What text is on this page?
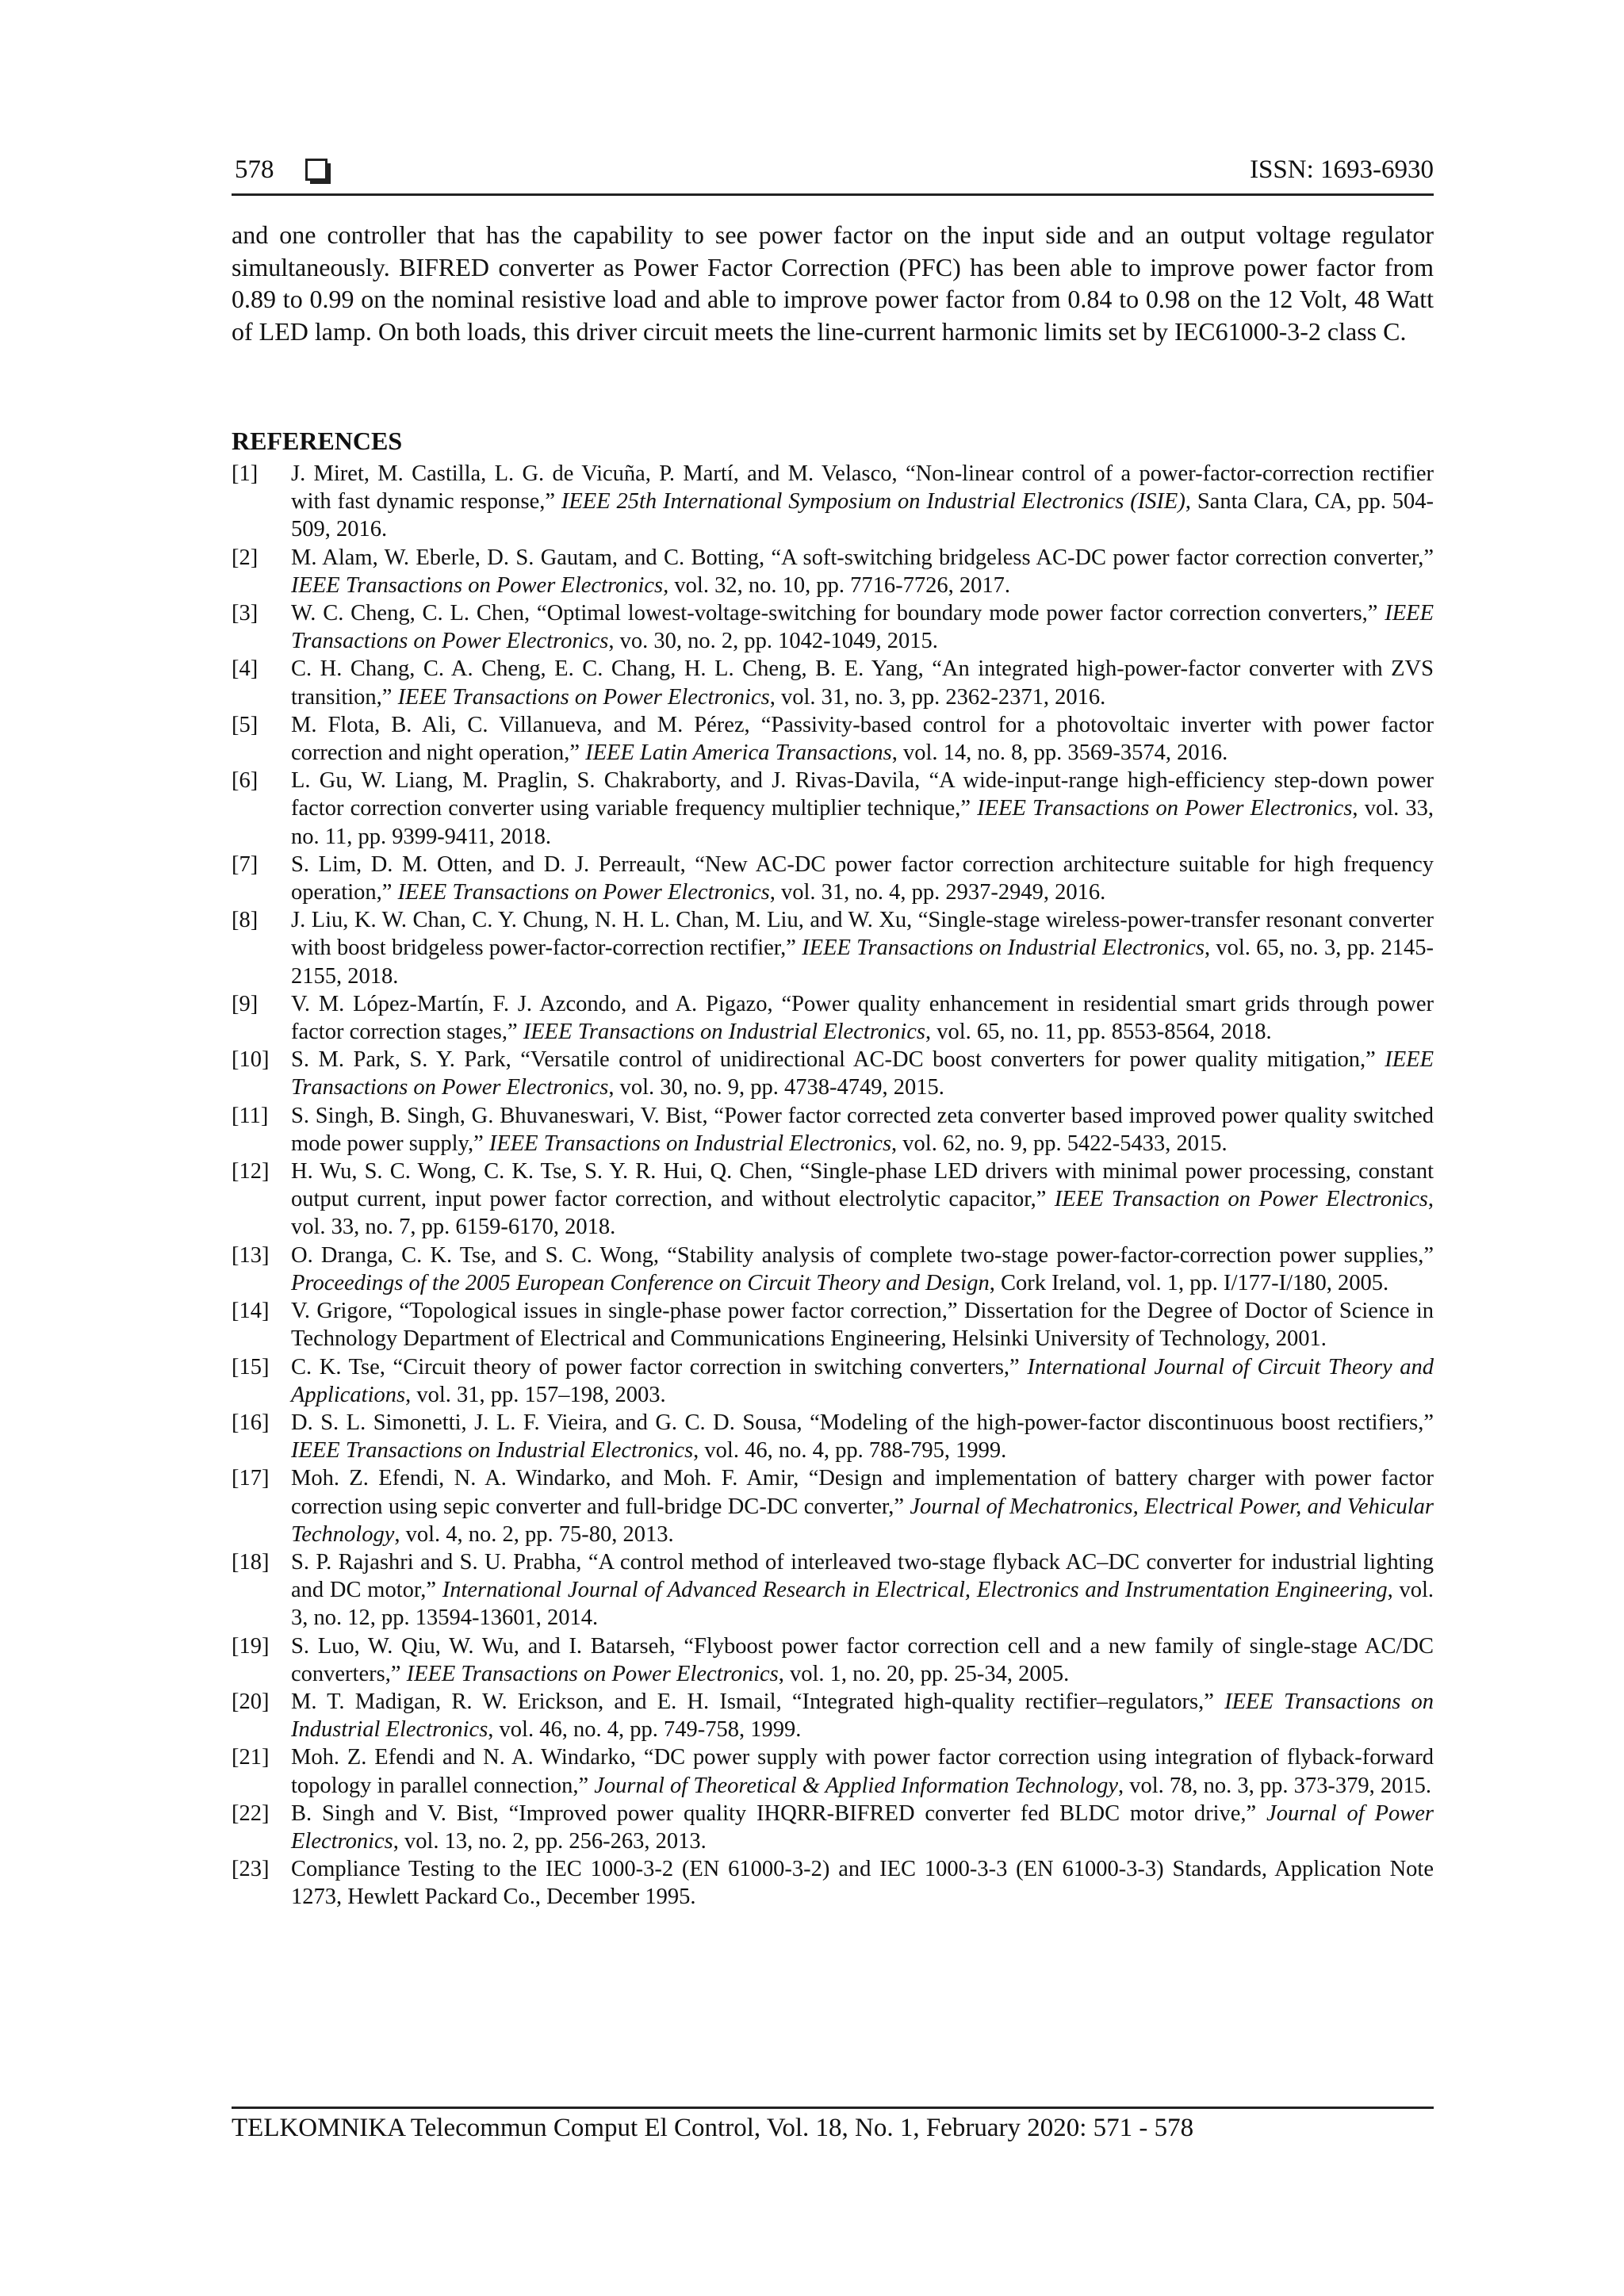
578	ISSN: 1693-6930

and one controller that has the capability to see power factor on the input side and an output voltage regulator simultaneously. BIFRED converter as Power Factor Correction (PFC) has been able to improve power factor from 0.89 to 0.99 on the nominal resistive load and able to improve power factor from 0.84 to 0.98 on the 12 Volt, 48 Watt of LED lamp. On both loads, this driver circuit meets the line-current harmonic limits set by IEC61000-3-2 class C.

REFERENCES
[1]	J. Miret, M. Castilla, L. G. de Vicuña, P. Martí, and M. Velasco, “Non-linear control of a power-factor-correction rectifier with fast dynamic response,” IEEE 25th International Symposium on Industrial Electronics (ISIE), Santa Clara, CA, pp. 504-509, 2016.
[2]	M. Alam, W. Eberle, D. S. Gautam, and C. Botting, “A soft-switching bridgeless AC-DC power factor correction converter,” IEEE Transactions on Power Electronics, vol. 32, no. 10, pp. 7716-7726, 2017.
[3]	W. C. Cheng, C. L. Chen, “Optimal lowest-voltage-switching for boundary mode power factor correction converters,” IEEE Transactions on Power Electronics, vo. 30, no. 2, pp. 1042-1049, 2015.
[4]	C. H. Chang, C. A. Cheng, E. C. Chang, H. L. Cheng, B. E. Yang, “An integrated high-power-factor converter with ZVS transition,” IEEE Transactions on Power Electronics, vol. 31, no. 3, pp. 2362-2371, 2016.
[5]	M. Flota, B. Ali, C. Villanueva, and M. Pérez, “Passivity-based control for a photovoltaic inverter with power factor correction and night operation,” IEEE Latin America Transactions, vol. 14, no. 8, pp. 3569-3574, 2016.
[6]	L. Gu, W. Liang, M. Praglin, S. Chakraborty, and J. Rivas-Davila, “A wide-input-range high-efficiency step-down power factor correction converter using variable frequency multiplier technique,” IEEE Transactions on Power Electronics, vol. 33, no. 11, pp. 9399-9411, 2018.
[7]	S. Lim, D. M. Otten, and D. J. Perreault, “New AC-DC power factor correction architecture suitable for high frequency operation,” IEEE Transactions on Power Electronics, vol. 31, no. 4, pp. 2937-2949, 2016.
[8]	J. Liu, K. W. Chan, C. Y. Chung, N. H. L. Chan, M. Liu, and W. Xu, “Single-stage wireless-power-transfer resonant converter with boost bridgeless power-factor-correction rectifier,” IEEE Transactions on Industrial Electronics, vol. 65, no. 3, pp. 2145-2155, 2018.
[9]	V. M. López-Martín, F. J. Azcondo, and A. Pigazo, “Power quality enhancement in residential smart grids through power factor correction stages,” IEEE Transactions on Industrial Electronics, vol. 65, no. 11, pp. 8553-8564, 2018.
[10] S. M. Park, S. Y. Park, “Versatile control of unidirectional AC-DC boost converters for power quality mitigation,” IEEE Transactions on Power Electronics, vol. 30, no. 9, pp. 4738-4749, 2015.
[11]	S. Singh, B. Singh, G. Bhuvaneswari, V. Bist, “Power factor corrected zeta converter based improved power quality switched mode power supply,” IEEE Transactions on Industrial Electronics, vol. 62, no. 9, pp. 5422-5433, 2015.
[12] H. Wu, S. C. Wong, C. K. Tse, S. Y. R. Hui, Q. Chen, “Single-phase LED drivers with minimal power processing, constant output current, input power factor correction, and without electrolytic capacitor,” IEEE Transaction on Power Electronics, vol. 33, no. 7, pp. 6159-6170, 2018.
[13] O. Dranga, C. K. Tse, and S. C. Wong, “Stability analysis of complete two-stage power-factor-correction power supplies,” Proceedings of the 2005 European Conference on Circuit Theory and Design, Cork Ireland, vol. 1, pp. I/177-I/180, 2005.
[14] V. Grigore, “Topological issues in single-phase power factor correction,” Dissertation for the Degree of Doctor of Science in Technology Department of Electrical and Communications Engineering, Helsinki University of Technology, 2001.
[15] C. K. Tse, “Circuit theory of power factor correction in switching converters,” International Journal of Circuit Theory and Applications, vol. 31, pp. 157–198, 2003.
[16] D. S. L. Simonetti, J. L. F. Vieira, and G. C. D. Sousa, “Modeling of the high-power-factor discontinuous boost rectifiers,” IEEE Transactions on Industrial Electronics, vol. 46, no. 4, pp. 788-795, 1999.
[17] Moh. Z. Efendi, N. A. Windarko, and Moh. F. Amir, “Design and implementation of battery charger with power factor correction using sepic converter and full-bridge DC-DC converter,” Journal of Mechatronics, Electrical Power, and Vehicular Technology, vol. 4, no. 2, pp. 75-80, 2013.
[18] S. P. Rajashri and S. U. Prabha, “A control method of interleaved two-stage flyback AC–DC converter for industrial lighting and DC motor,” International Journal of Advanced Research in Electrical, Electronics and Instrumentation Engineering, vol. 3, no. 12, pp. 13594-13601, 2014.
[19] S. Luo, W. Qiu, W. Wu, and I. Batarseh, “Flyboost power factor correction cell and a new family of single-stage AC/DC converters,” IEEE Transactions on Power Electronics, vol. 1, no. 20, pp. 25-34, 2005.
[20] M. T. Madigan, R. W. Erickson, and E. H. Ismail, “Integrated high-quality rectifier–regulators,” IEEE Transactions on Industrial Electronics, vol. 46, no. 4, pp. 749-758, 1999.
[21] Moh. Z. Efendi and N. A. Windarko, “DC power supply with power factor correction using integration of flyback-forward topology in parallel connection,” Journal of Theoretical & Applied Information Technology, vol. 78, no. 3, pp. 373-379, 2015.
[22] B. Singh and V. Bist, “Improved power quality IHQRR-BIFRED converter fed BLDC motor drive,” Journal of Power Electronics, vol. 13, no. 2, pp. 256-263, 2013.
[23] Compliance Testing to the IEC 1000-3-2 (EN 61000-3-2) and IEC 1000-3-3 (EN 61000-3-3) Standards, Application Note 1273, Hewlett Packard Co., December 1995.
TELKOMNIKA Telecommun Comput El Control, Vol. 18, No. 1, February 2020: 571 - 578
